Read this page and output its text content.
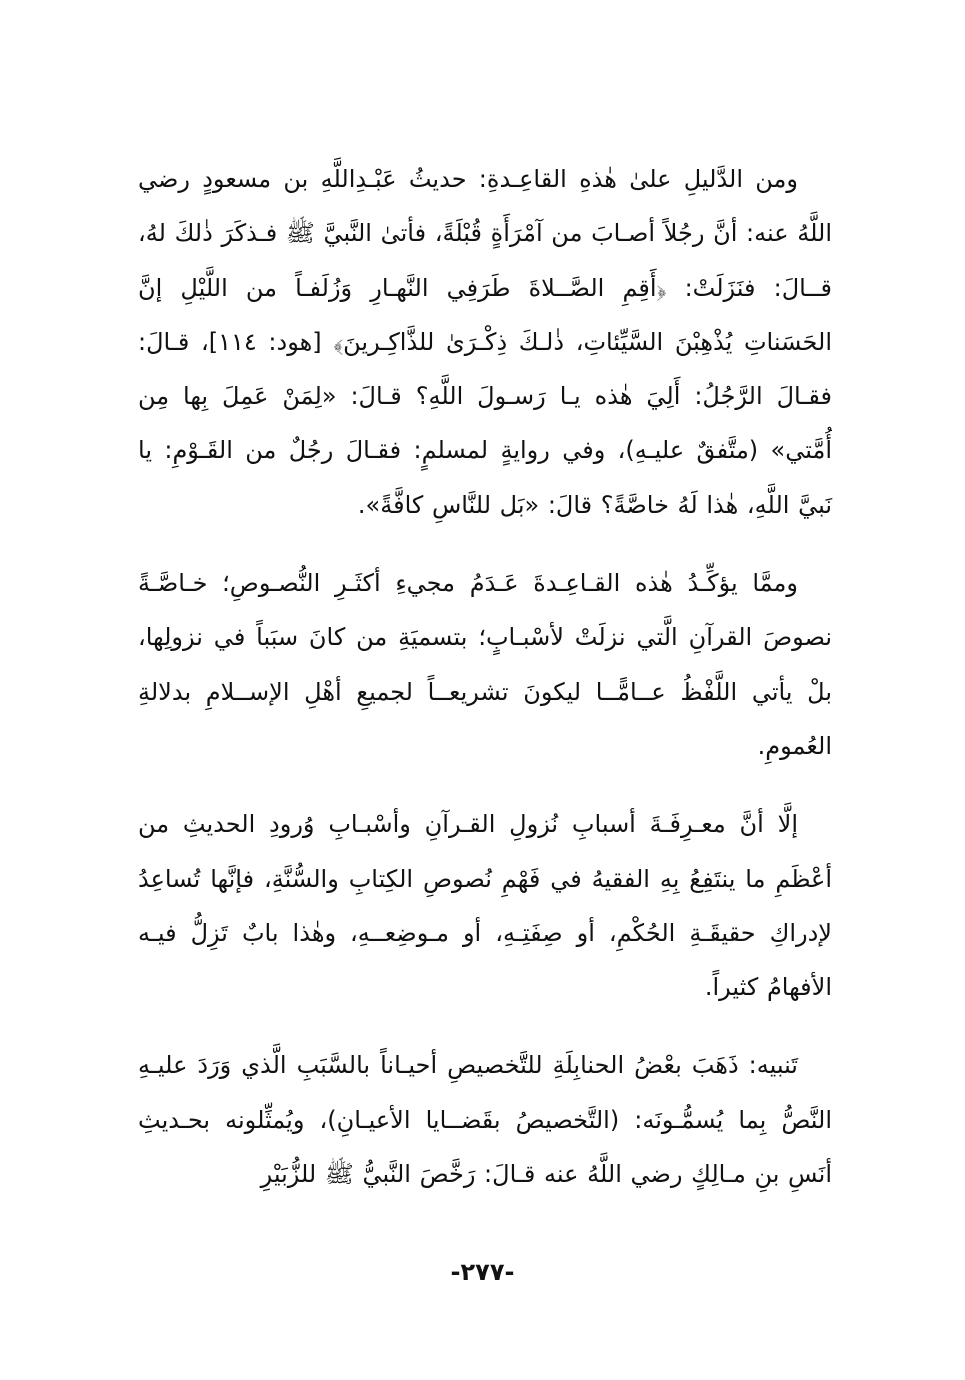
ومن الدَّليلِ علىٰ هٰذهِ القاعِـدةِ: حديثُ عَبْـدِاللَّهِ بن مسعودٍ رضي اللَّهُ عنه: أنَّ رجُلاً أصـابَ من آمْرَأَةٍ قُبْلَةً، فأتىٰ النَّبيَّ ﷺ فـذكَرَ ذٰلكَ لهُ، قــالَ: فنَزَلَتْ: ﴿أَقِمِ الصَّــلاةَ طَرَفِي النَّهـارِ وَزُلَفـاً من اللَّيْلِ إنَّ الحَسَناتِ يُذْهِبْنَ السَّيِّئاتِ، ذٰلـكَ ذِكْـرَىٰ للذَّاكِـرينَ﴾ [هود: ١١٤]، قـالَ: فقـالَ الرَّجُلُ: أَلِيَ هٰذه يـا رَسـولَ اللَّهِ؟ قـالَ: «لِمَنْ عَمِلَ بِها مِن أُمَّتي» (متَّفقٌ عليـهِ)، وفي روايةٍ لمسلمٍ: فقـالَ رجُلٌ من القَـوْمِ: يا نَبيَّ اللَّهِ، هٰذا لَهُ خاصَّةً؟ قالَ: «بَل للنَّاسِ كافَّةً».

وممَّا يؤكِّـدُ هٰذه القـاعِـدةَ عَـدَمُ مجيءِ أكثَـرِ النُّصـوصِ؛ خـاصَّـةً نصوصَ القرآنِ الَّتي نزلَتْ لأسْبـابٍ؛ بتسميَةِ من كانَ سبَباً في نزولِها، بلْ يأتي اللَّفْظُ عــامًّــا ليكونَ تشريعــاً لجميعِ أهْلِ الإســلامِ بدلالةِ العُمومِ.

إلَّا أنَّ معـرِفَـةَ أسبابِ نُزولِ القـرآنِ وأسْبـابِ وُرودِ الحديثِ من أعْظَمِ ما ينتَفِعُ بِهِ الفقيهُ في فَهْمِ نُصوصِ الكِتابِ والسُّنَّةِ، فإنَّها تُساعِدُ لإدراكِ حقيقَـةِ الحُكْمِ، أو صِفَتِـهِ، أو مـوضِعــهِ، وهٰذا بابٌ تَزِلُّ فيـه الأفهامُ كثيراً.

تَنبيه: ذَهَبَ بعْضُ الحنابِلَةِ للتَّخصيصِ أحيـاناً بالسَّبَبِ الَّذي وَرَدَ عليـهِ النَّصُّ بِما يُسمُّـونَه: (التَّخصيصُ بقَضــايا الأعيـانِ)، ويُمثِّلونه بحـديثِ أنَسِ بنِ مـالِكٍ رضي اللَّهُ عنه قـالَ: رَخَّصَ النَّبيُّ ﷺ للزُّبَيْرِ

-٢٧٧-
